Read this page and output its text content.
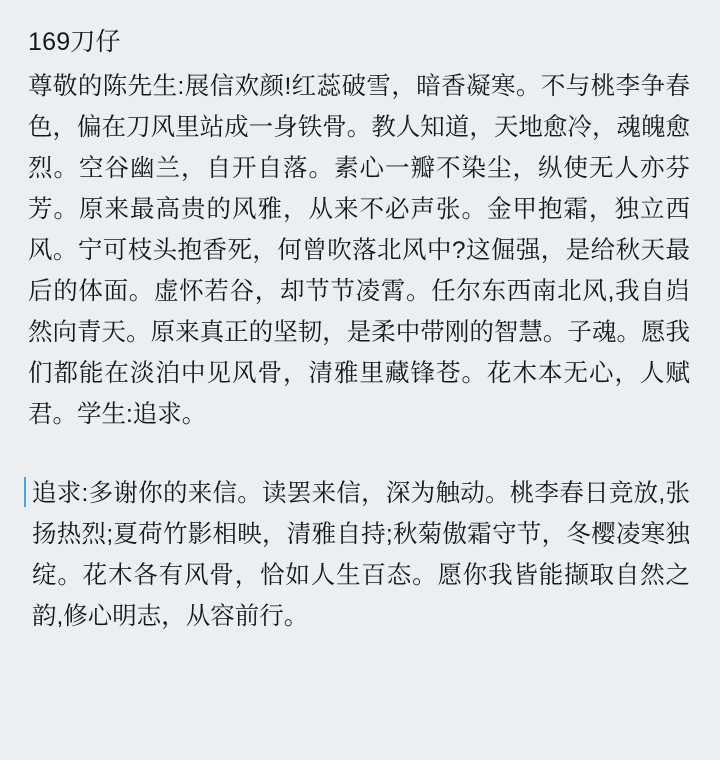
169刀仔

尊敬的陈先生:展信欢颜!红蕊破雪，暗香凝寒。不与桃李争春色，偏在刀风里站成一身铁骨。教人知道，天地愈冷，魂魄愈烈。空谷幽兰，自开自落。素心一瓣不染尘，纵使无人亦芬芳。原来最高贵的风雅，从来不必声张。金甲抱霜，独立西风。宁可枝头抱香死，何曾吹落北风中?这倔强，是给秋天最后的体面。虚怀若谷，却节节凌霄。任尔东西南北风,我自岿然向青天。原来真正的坚韧，是柔中带刚的智慧。子魂。愿我们都能在淡泊中见风骨，清雅里藏锋苍。花木本无心，人赋君。学生:追求。

追求:多谢你的来信。读罢来信，深为触动。桃李春日竞放,张扬热烈;夏荷竹影相映，清雅自持;秋菊傲霜守节，冬樱凌寒独绽。花木各有风骨，恰如人生百态。愿你我皆能撷取自然之韵,修心明志，从容前行。
